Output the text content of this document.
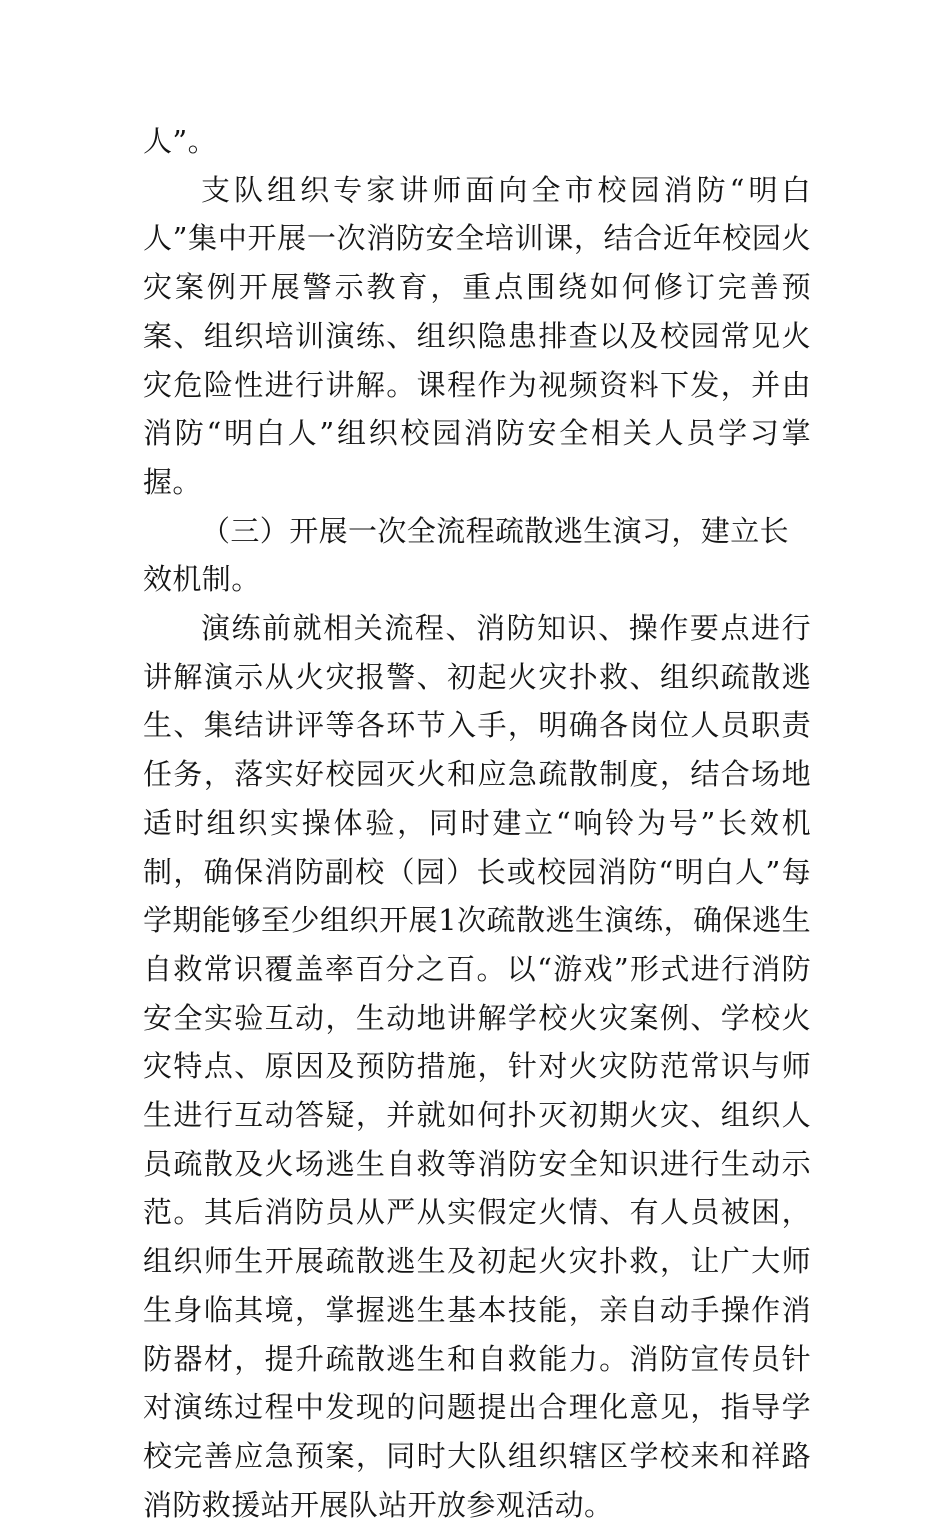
人”。

支队组织专家讲师面向全市校园消防“明白人”集中开展一次消防安全培训课，结合近年校园火灾案例开展警示教育，重点围绕如何修订完善预案、组织培训演练、组织隐患排查以及校园常见火灾危险性进行讲解。课程作为视频资料下发，并由消防“明白人”组织校园消防安全相关人员学习掌握。

（三）开展一次全流程疏散逃生演习，建立长效机制。

演练前就相关流程、消防知识、操作要点进行讲解演示从火灾报警、初起火灾扑救、组织疏散逃生、集结讲评等各环节入手，明确各岗位人员职责任务，落实好校园灭火和应急疏散制度，结合场地适时组织实操体验，同时建立“响铃为号”长效机制，确保消防副校（园）长或校园消防“明白人”每学期能够至少组织开展1次疏散逃生演练，确保逃生自救常识覆盖率百分之百。以“游戏”形式进行消防安全实验互动，生动地讲解学校火灾案例、学校火灾特点、原因及预防措施，针对火灾防范常识与师生进行互动答疑，并就如何扑灭初期火灾、组织人员疏散及火场逃生自救等消防安全知识进行生动示范。其后消防员从严从实假定火情、有人员被困，组织师生开展疏散逃生及初起火灾扑救，让广大师生身临其境，掌握逃生基本技能，亲自动手操作消防器材，提升疏散逃生和自救能力。消防宣传员针对演练过程中发现的问题提出合理化意见，指导学校完善应急预案，同时大队组织辖区学校来和祥路消防救援站开展队站开放参观活动。
